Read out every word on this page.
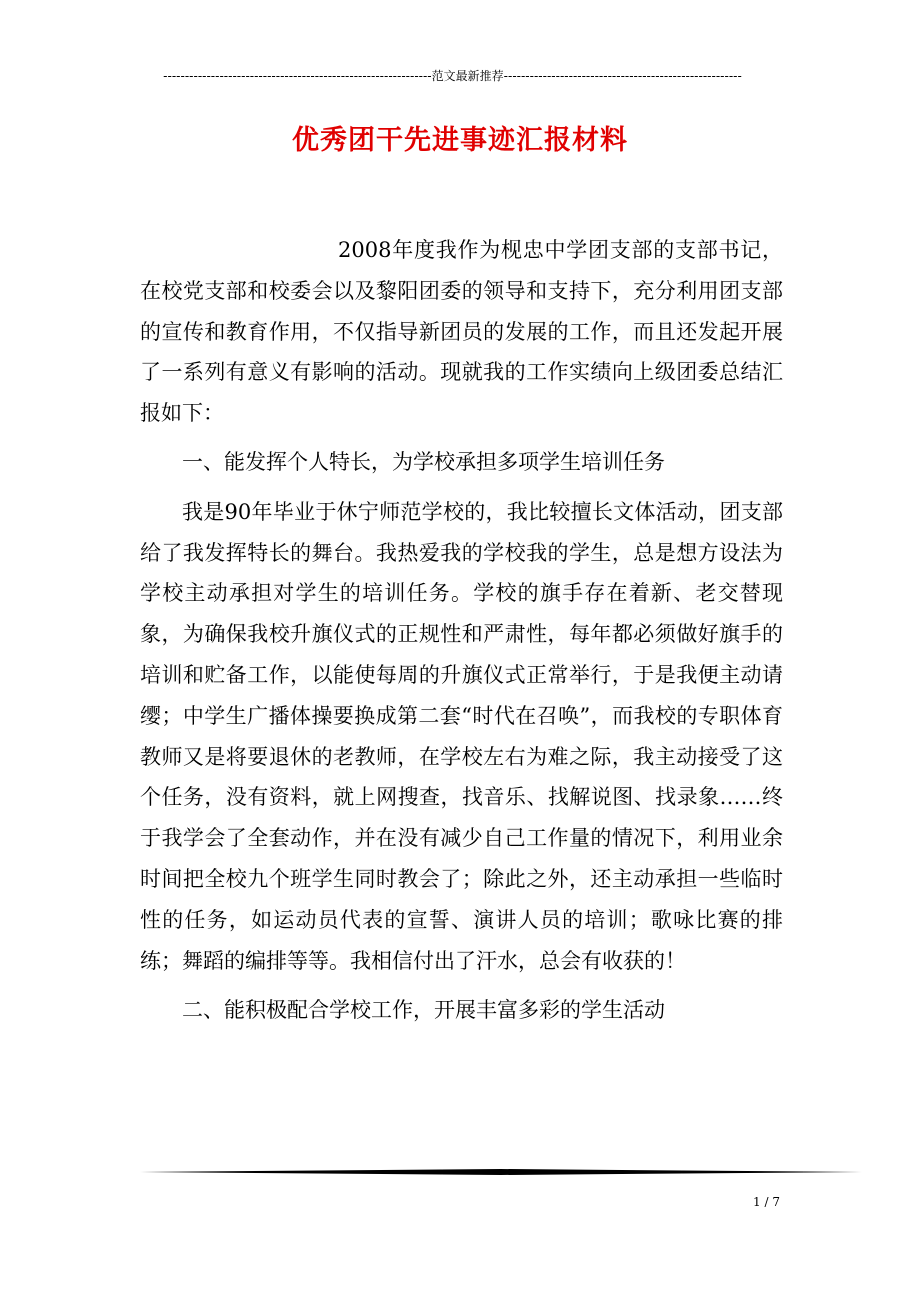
--------------------------------------------------------------范文最新推荐-------------------------------------------------------
优秀团干先进事迹汇报材料

2008年度我作为枧忠中学团支部的支部书记，在校党支部和校委会以及黎阳团委的领导和支持下，充分利用团支部的宣传和教育作用，不仅指导新团员的发展的工作，而且还发起开展了一系列有意义有影响的活动。现就我的工作实绩向上级团委总结汇报如下：

一、能发挥个人特长，为学校承担多项学生培训任务

我是90年毕业于休宁师范学校的，我比较擅长文体活动，团支部给了我发挥特长的舞台。我热爱我的学校我的学生，总是想方设法为学校主动承担对学生的培训任务。学校的旗手存在着新、老交替现象，为确保我校升旗仪式的正规性和严肃性，每年都必须做好旗手的培训和贮备工作，以能使每周的升旗仪式正常举行，于是我便主动请缨；中学生广播体操要换成第二套“时代在召唤”，而我校的专职体育教师又是将要退休的老教师，在学校左右为难之际，我主动接受了这个任务，没有资料，就上网搜查，找音乐、找解说图、找录象……终于我学会了全套动作，并在没有减少自己工作量的情况下，利用业余时间把全校九个班学生同时教会了；除此之外，还主动承担一些临时性的任务，如运动员代表的宣誓、演讲人员的培训；歌咏比赛的排练；舞蹈的编排等等。我相信付出了汗水，总会有收获的！

二、能积极配合学校工作，开展丰富多彩的学生活动

1 / 7
